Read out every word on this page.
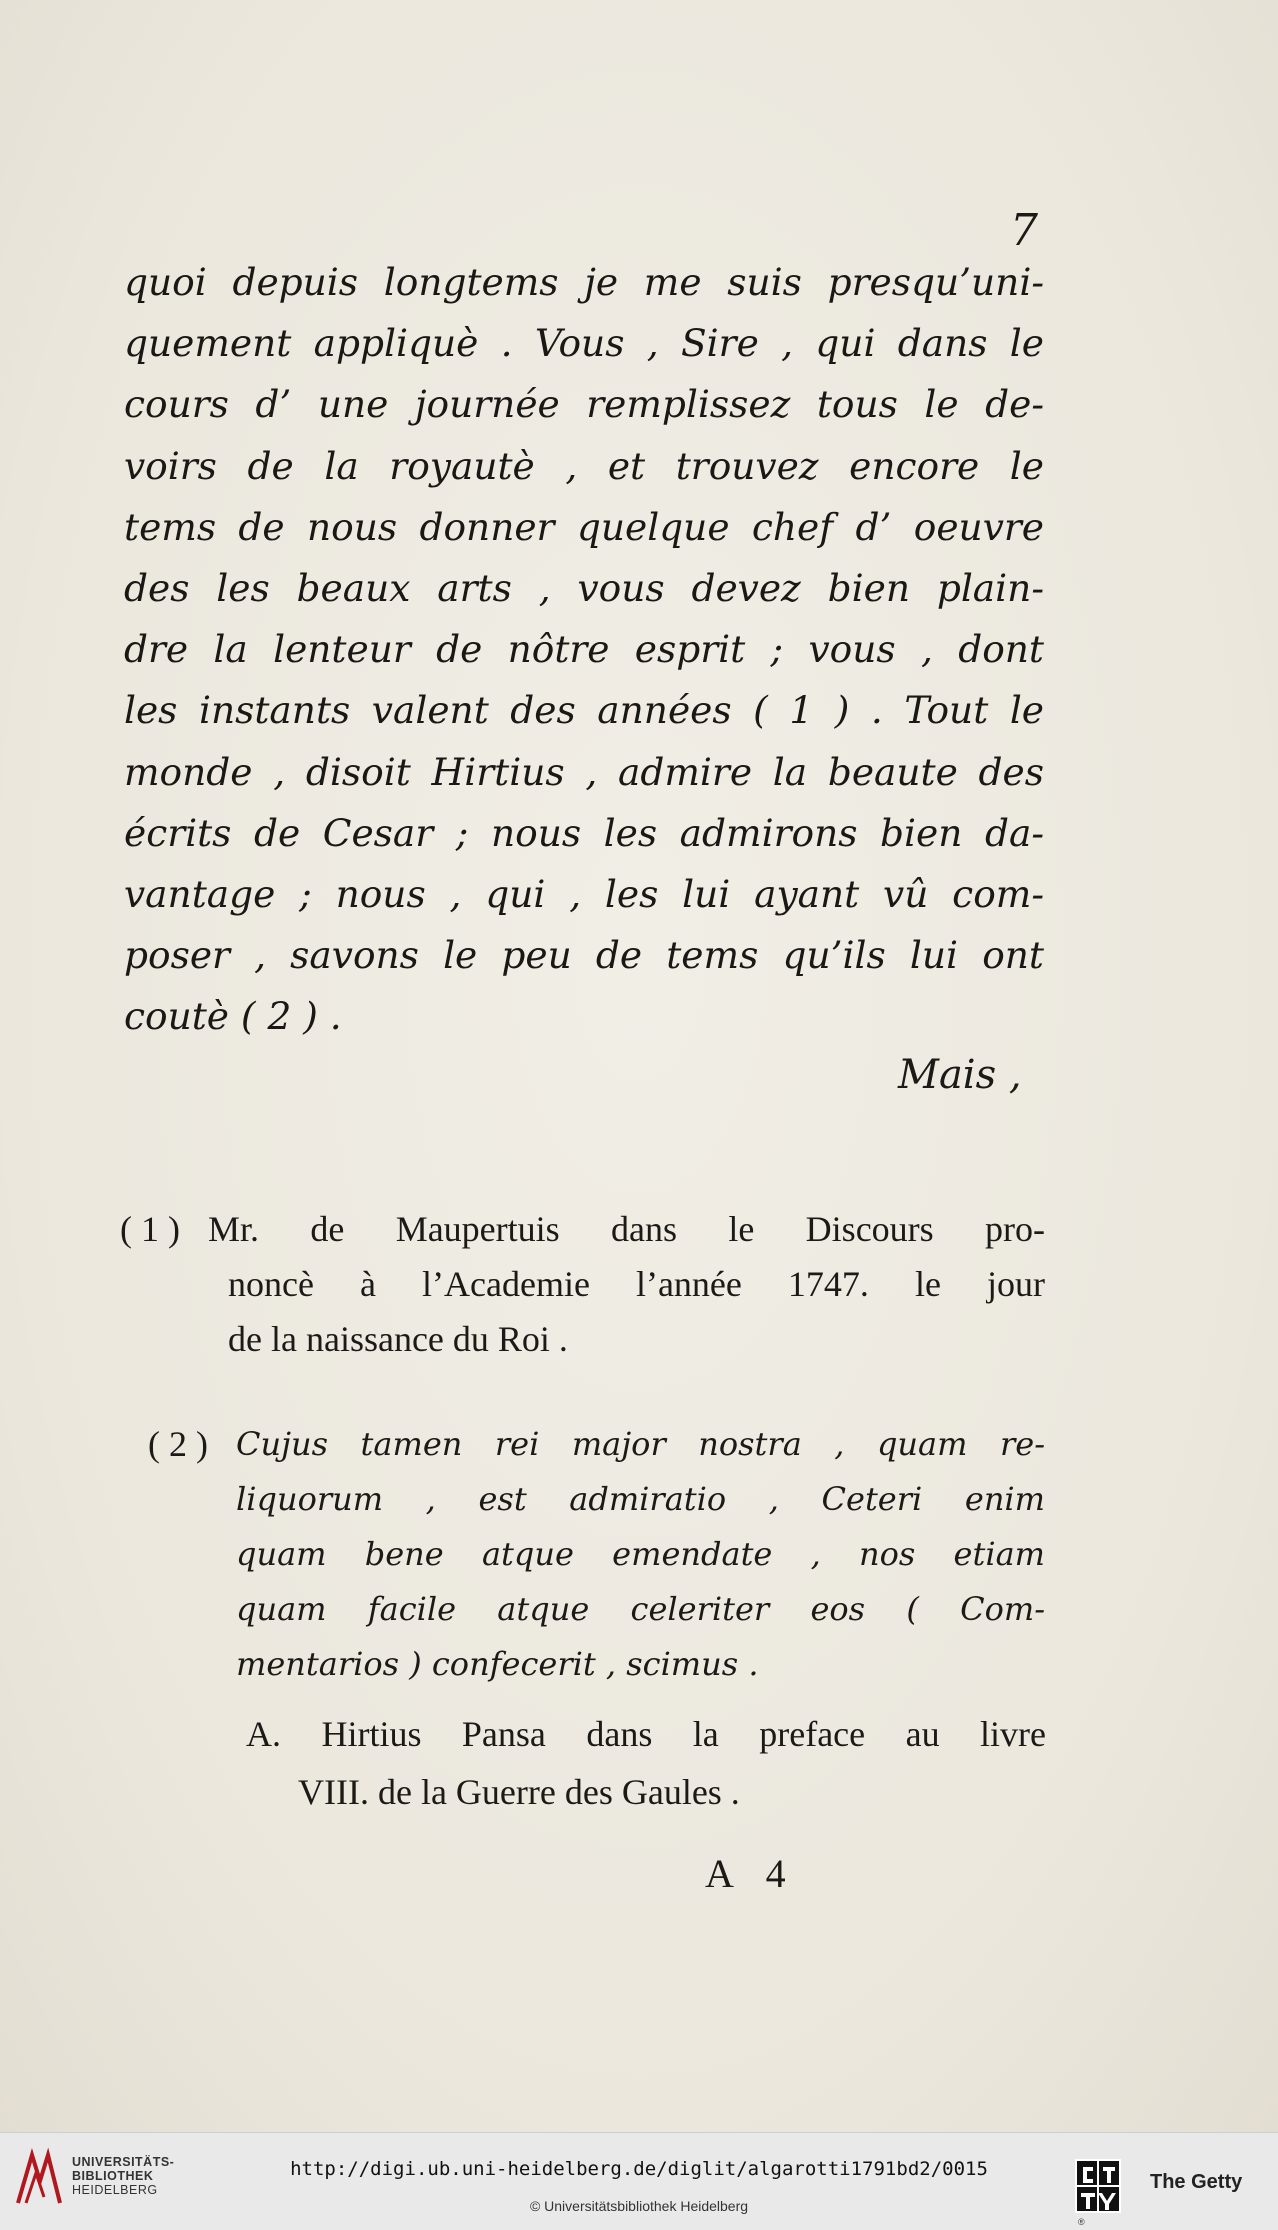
7
quoi depuis longtems je me suis presqu’uni-
quement appliquè . Vous , Sire , qui dans le
cours d’ une journée remplissez tous le de-
voirs de la royautè , et trouvez encore le
tems de nous donner quelque chef d’ oeuvre
des les beaux arts , vous devez bien plain-
dre la lenteur de nôtre esprit ; vous , dont
les instants valent des années ( 1 ) . Tout le
monde , disoit Hirtius , admire la beaute des
écrits de Cesar ; nous les admirons bien da-
vantage ; nous , qui , les lui ayant vû com-
poser , savons le peu de tems qu’ils lui ont
coutè ( 2 ) .
Mais ,
( 1 ) Mr. de Maupertuis dans le Discours pro-
noncè à l’Academie l’année 1747. le jour
de la naissance du Roi .
( 2 ) Cujus tamen rei major nostra , quam re-
liquorum , est admiratio , Ceteri enim
quam bene atque emendate , nos etiam
quam facile atque celeriter eos ( Com-
mentarios ) confecerit , scimus .
A. Hirtius Pansa dans la preface au livre
VIII. de la Guerre des Gaules .
A 4
UNIVERSITÄTS-
BIBLIOTHEK
HEIDELBERG
http://digi.ub.uni-heidelberg.de/diglit/algarotti1791bd2/0015
© Universitätsbibliothek Heidelberg
®
The Getty
